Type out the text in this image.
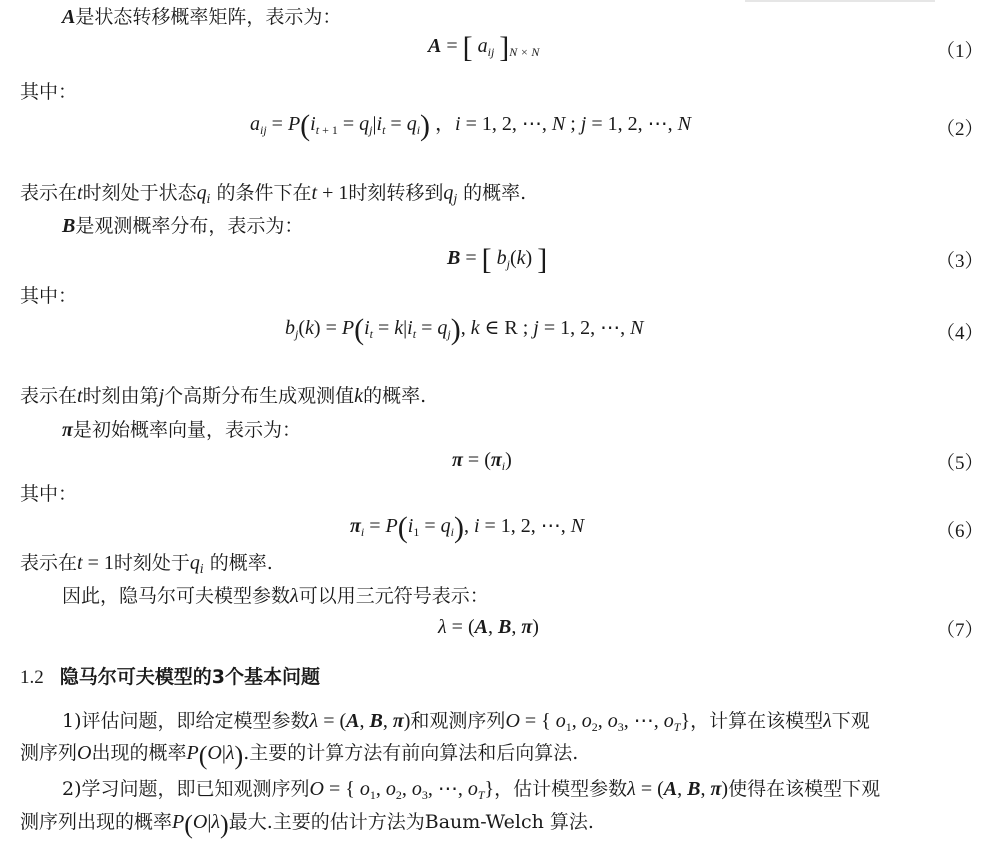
A是状态转移概率矩阵，表示为：
A = [ $a_{ij}$ ]$_{N \times N}$	（1）
其中：
$a_{ij} = P(i_{t + 1} = q_j|i_t = q_i)$ ，i = 1, 2, ⋯, N ; j = 1, 2, ⋯, N	（2）
表示在t时刻处于状态$q_i$ 的条件下在t + 1时刻转移到$q_j$ 的概率.
B是观测概率分布，表示为：
B = [ $b_j(k)$ ]	（3）
其中：
$b_j(k) = P(i_t = k|i_t = q_j)$, k ∈ R ; j = 1, 2, ⋯, N	（4）
表示在t时刻由第j个高斯分布生成观测值k的概率.
π是初始概率向量，表示为：
$\pi = (\pi_i)$	（5）
其中：
$\pi_i = P(i_1 = q_i)$, i = 1, 2, ⋯, N	（6）
表示在t = 1时刻处于$q_i$ 的概率.
因此，隐马尔可夫模型参数λ可以用三元符号表示：
λ = (A, B, π)	（7）
1.2 隐马尔可夫模型的3个基本问题
1)评估问题，即给定模型参数λ = (A, B, π)和观测序列O = { $o_1$, $o_2$, $o_3$, ⋯, $o_T$}，计算在该模型λ下观
测序列O出现的概率P(O|λ).主要的计算方法有前向算法和后向算法.
2)学习问题，即已知观测序列O = { $o_1$, $o_2$, $o_3$, ⋯, $o_T$}，估计模型参数λ = (A, B, π)使得在该模型下观
测序列出现的概率P(O|λ)最大.主要的估计方法为Baum-Welch 算法.
